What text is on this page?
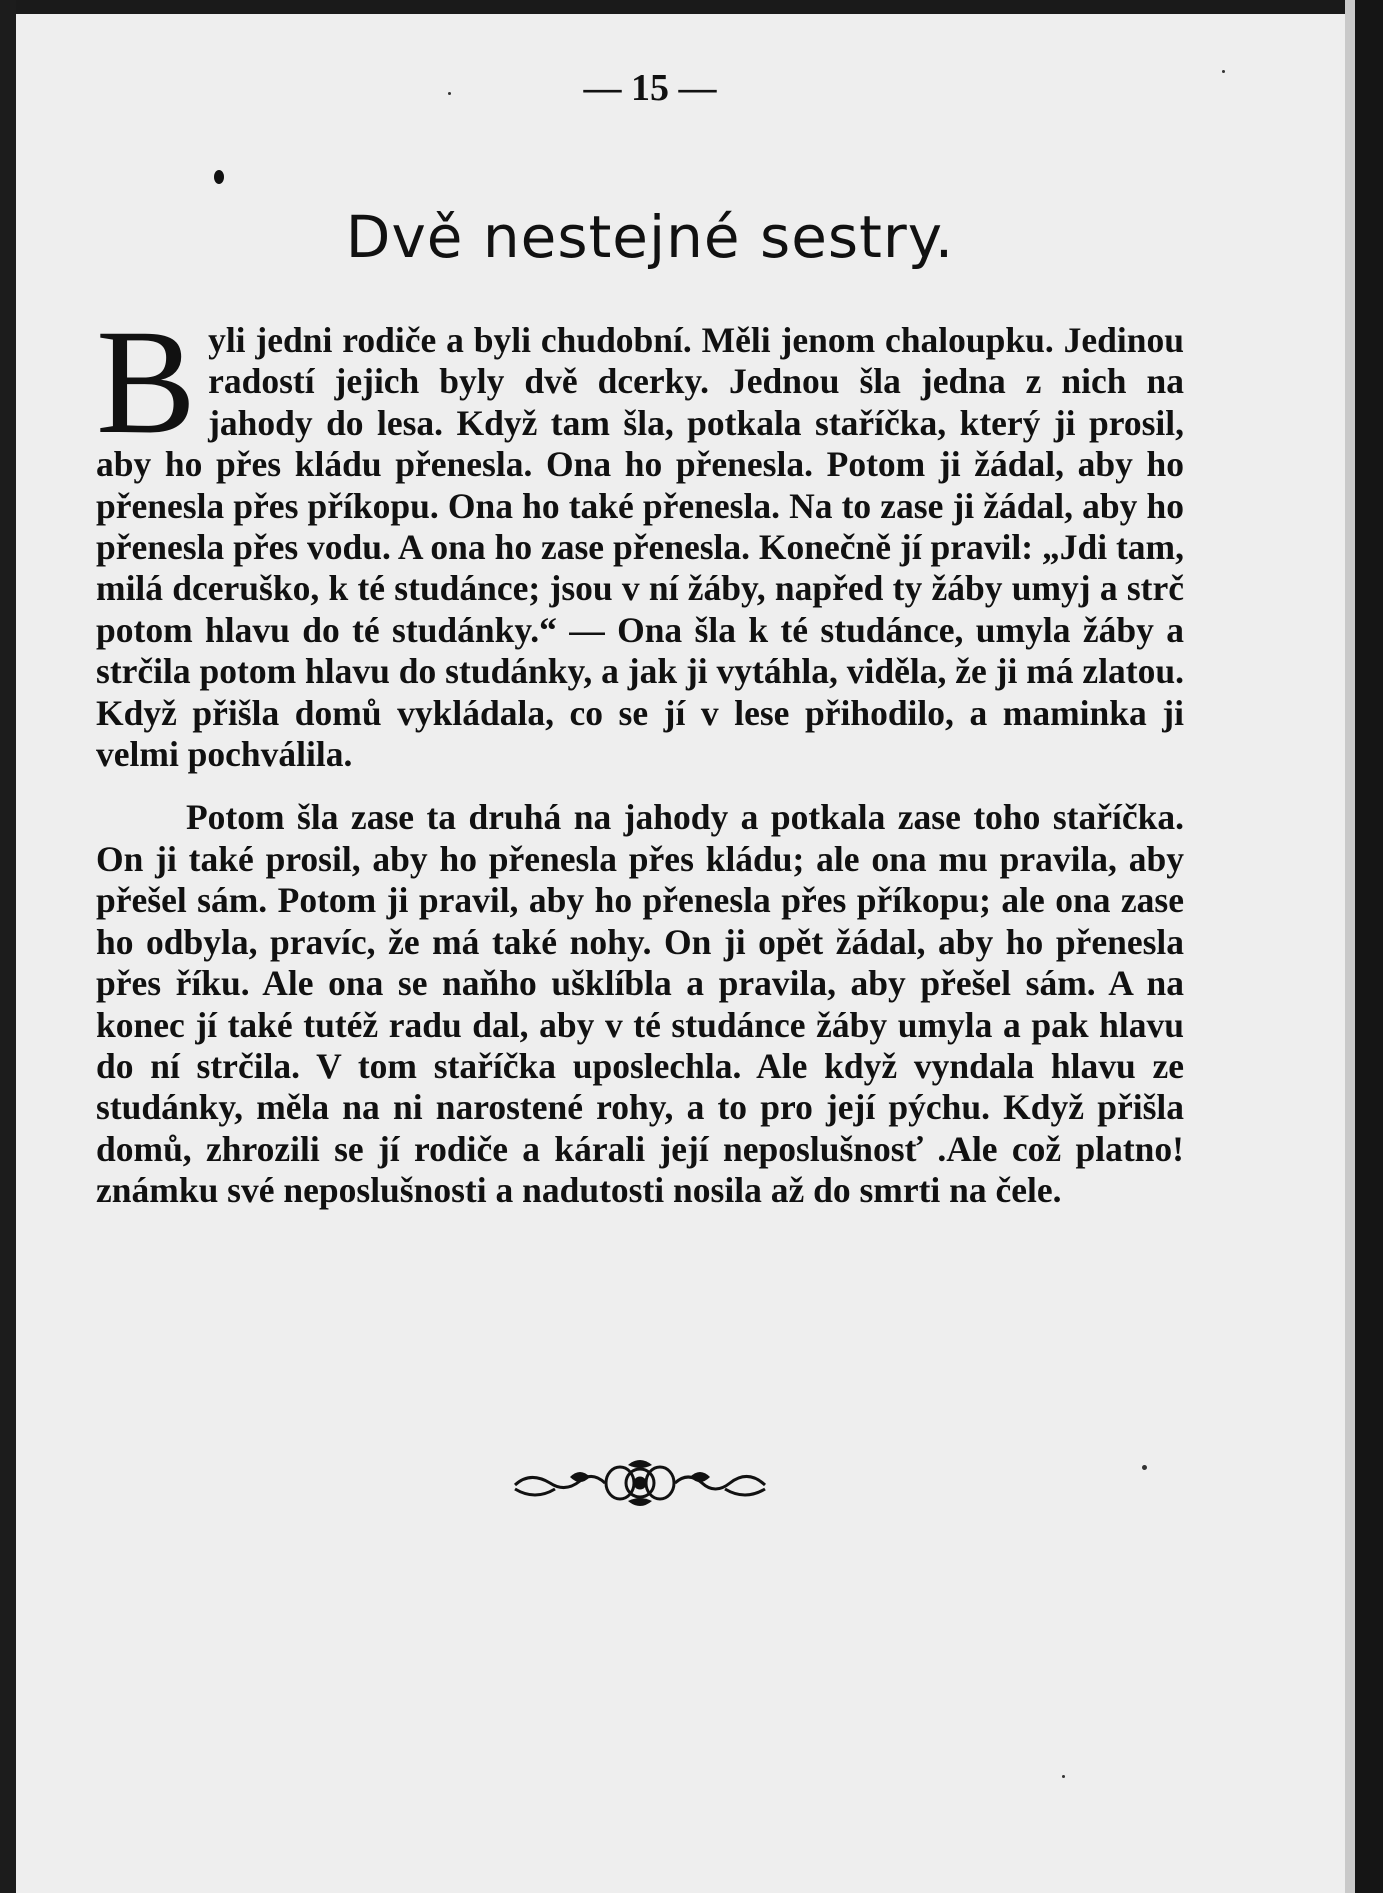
— 15 —
Dvě nestejné sestry.

Byli jedni rodiče a byli chudobní. Měli jenom chaloupku. Jedinou radostí jejich byly dvě dcerky. Jednou šla jedna z nich na jahody do lesa. Když tam šla, potkala staříčka, který ji prosil, aby ho přes kládu přenesla. Ona ho přenesla. Potom ji žádal, aby ho přenesla přes příkopu. Ona ho také přenesla. Na to zase ji žádal, aby ho přenesla přes vodu. A ona ho zase přenesla. Konečně jí pravil: „Jdi tam, milá dceruško, k té studánce; jsou v ní žáby, napřed ty žáby umyj a strč potom hlavu do té studánky.“ — Ona šla k té studánce, umyla žáby a strčila potom hlavu do studánky, a jak ji vytáhla, viděla, že ji má zlatou. Když přišla domů vykládala, co se jí v lese přihodilo, a maminka ji velmi pochválila.

Potom šla zase ta druhá na jahody a potkala zase toho staříčka. On ji také prosil, aby ho přenesla přes kládu; ale ona mu pravila, aby přešel sám. Potom ji pravil, aby ho přenesla přes příkopu; ale ona zase ho odbyla, pravíc, že má také nohy. On ji opět žádal, aby ho přenesla přes říku. Ale ona se naňho ušklíbla a pravila, aby přešel sám. A na konec jí také tutéž radu dal, aby v té studánce žáby umyla a pak hlavu do ní strčila. V tom staříčka uposlechla. Ale když vyndala hlavu ze studánky, měla na ni narostené rohy, a to pro její pýchu. Když přišla domů, zhrozili se jí rodiče a kárali její neposlušnosť .Ale což platno! známku své neposlušnosti a nadutosti nosila až do smrti na čele.
